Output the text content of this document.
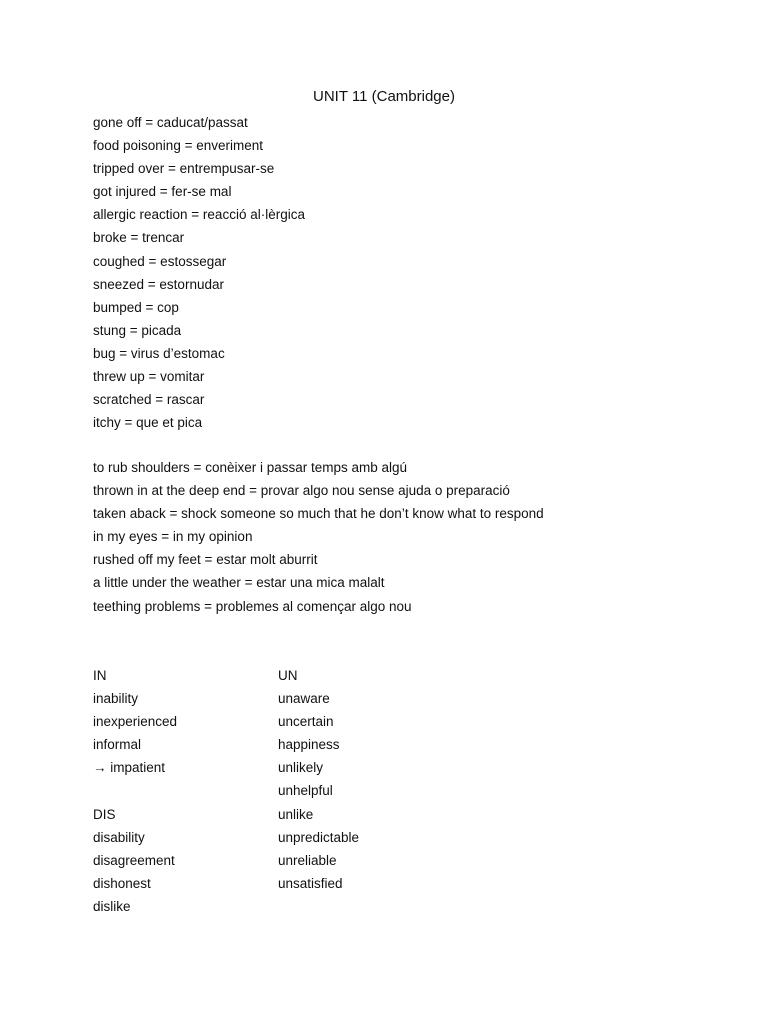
UNIT 11 (Cambridge)
gone off = caducat/passat
food poisoning = enveriment
tripped over = entrempusar-se
got injured = fer-se mal
allergic reaction = reacció al·lèrgica
broke = trencar
coughed = estossegar
sneezed = estornudar
bumped = cop
stung = picada
bug = virus d’estomac
threw up = vomitar
scratched = rascar
itchy = que et pica
to rub shoulders = conèixer i passar temps amb algú
thrown in at the deep end = provar algo nou sense ajuda o preparació
taken aback = shock someone so much that he don’t know what to respond
in my eyes = in my opinion
rushed off my feet = estar molt aburrit
a little under the weather = estar una mica malalt
teething problems = problemes al començar algo nou
IN
inability
inexperienced
informal
→ impatient
DIS
disability
disagreement
dishonest
dislike
UN
unaware
uncertain
happiness
unlikely
unhelpful
unlike
unpredictable
unreliable
unsatisfied
